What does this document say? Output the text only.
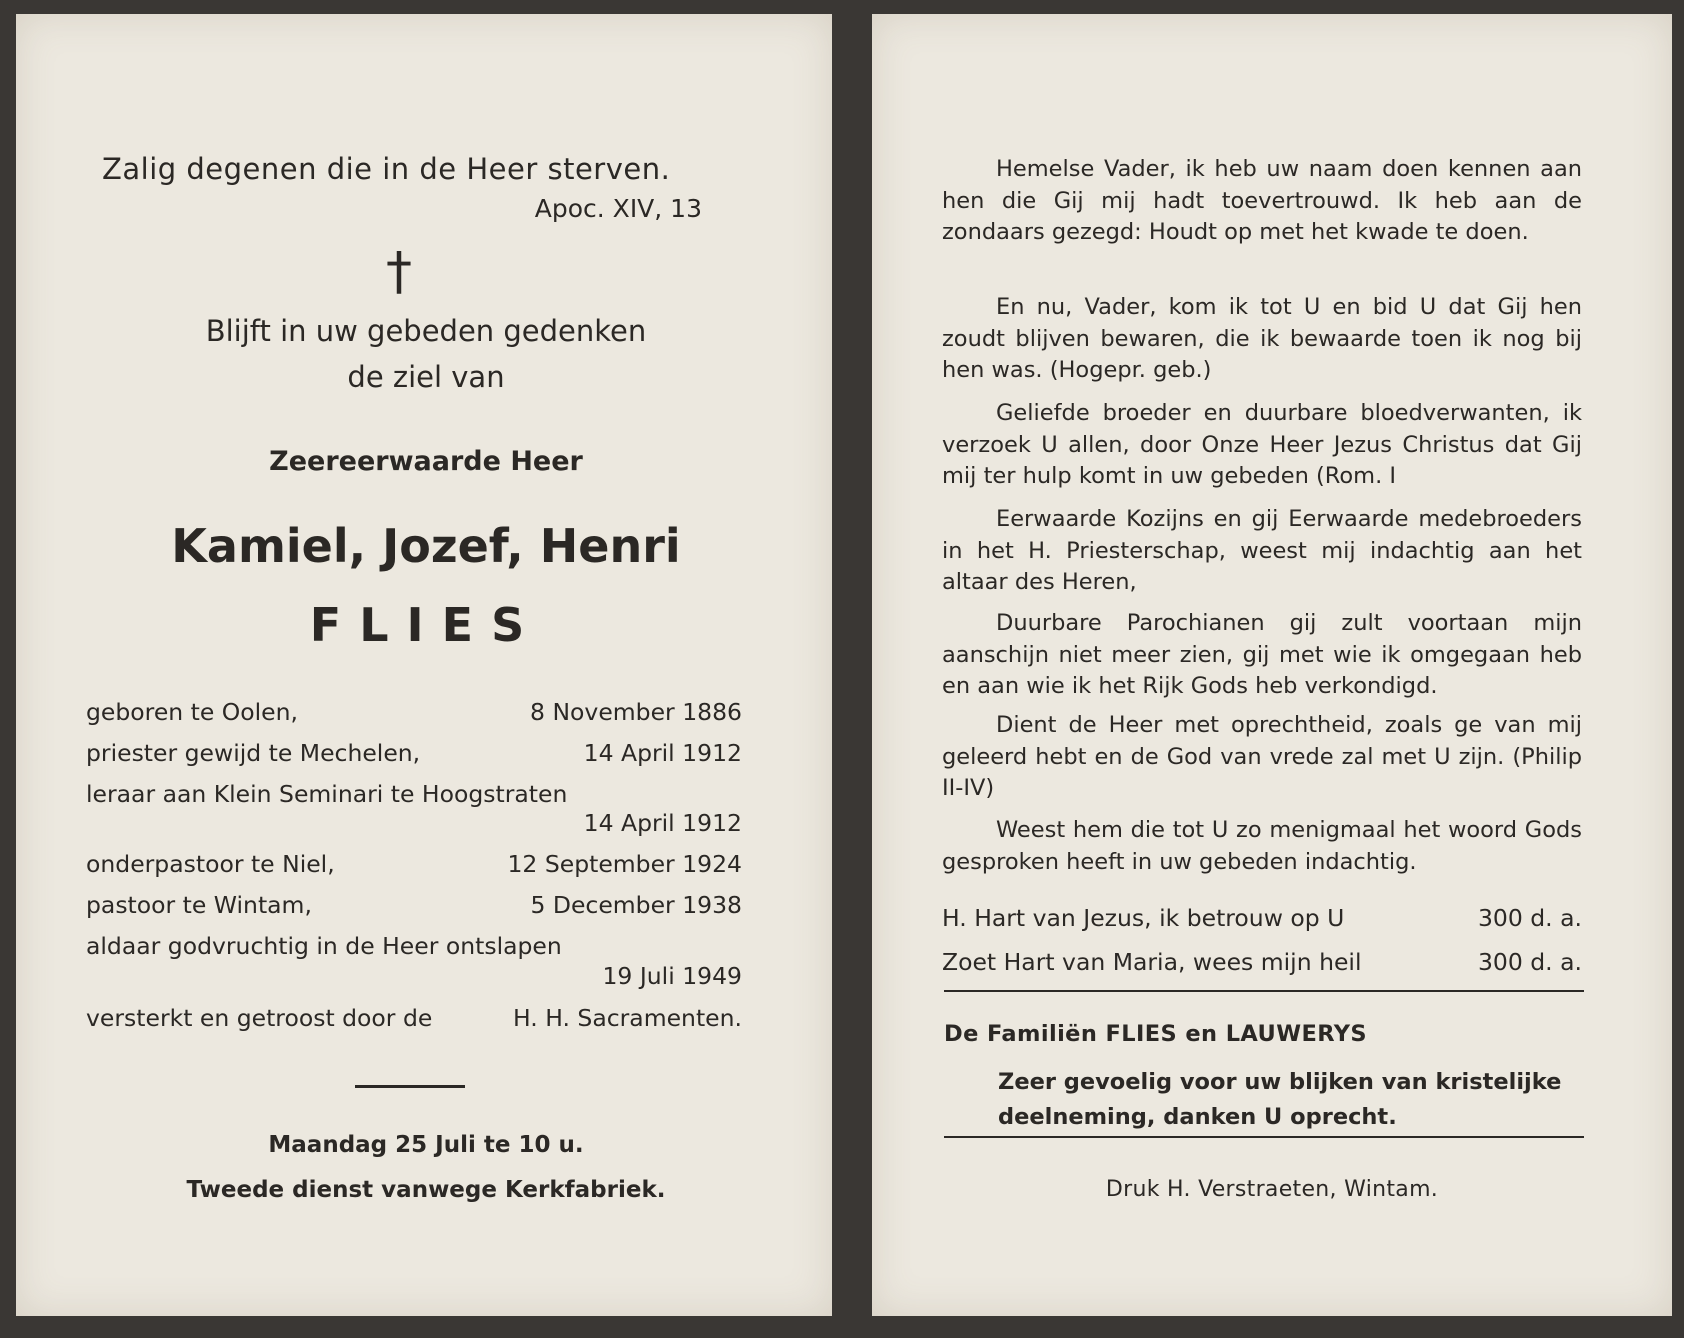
Zalig degenen die in de Heer sterven.
Apoc. XIV, 13
†
Blijft in uw gebeden gedenken
de ziel van
Zeereerwaarde Heer
Kamiel, Jozef, Henri
FLIES
geboren te Oolen,	8 November 1886
priester gewijd te Mechelen,	14 April 1912
leraar aan Klein Seminari te Hoogstraten
14 April 1912
onderpastoor te Niel,	12 September 1924
pastoor te Wintam,	5 December 1938
aldaar godvruchtig in de Heer ontslapen
19 Juli 1949
versterkt en getroost door de	H. H. Sacramenten.
Maandag 25 Juli te 10 u.
Tweede dienst vanwege Kerkfabriek.

Hemelse Vader, ik heb uw naam doen kennen aan hen die Gij mij hadt toevertrouwd. Ik heb aan de zondaars gezegd: Houdt op met het kwade te doen.

En nu, Vader, kom ik tot U en bid U dat Gij hen zoudt blijven bewaren, die ik bewaarde toen ik nog bij hen was. (Hogepr. geb.)

Geliefde broeder en duurbare bloedverwanten, ik verzoek U allen, door Onze Heer Jezus Christus dat Gij mij ter hulp komt in uw gebeden (Rom. I

Eerwaarde Kozijns en gij Eerwaarde medebroeders in het H. Priesterschap, weest mij indachtig aan het altaar des Heren,

Duurbare Parochianen gij zult voortaan mijn aanschijn niet meer zien, gij met wie ik omgegaan heb en aan wie ik het Rijk Gods heb verkondigd.

Dient de Heer met oprechtheid, zoals ge van mij geleerd hebt en de God van vrede zal met U zijn. (Philip II-IV)

Weest hem die tot U zo menigmaal het woord Gods gesproken heeft in uw gebeden indachtig.

H. Hart van Jezus, ik betrouw op U	300 d. a.
Zoet Hart van Maria, wees mijn heil	300 d. a.
De Familiën FLIES en LAUWERYS

Zeer gevoelig voor uw blijken van kristelijke deelneming, danken U oprecht.

Druk H. Verstraeten, Wintam.
